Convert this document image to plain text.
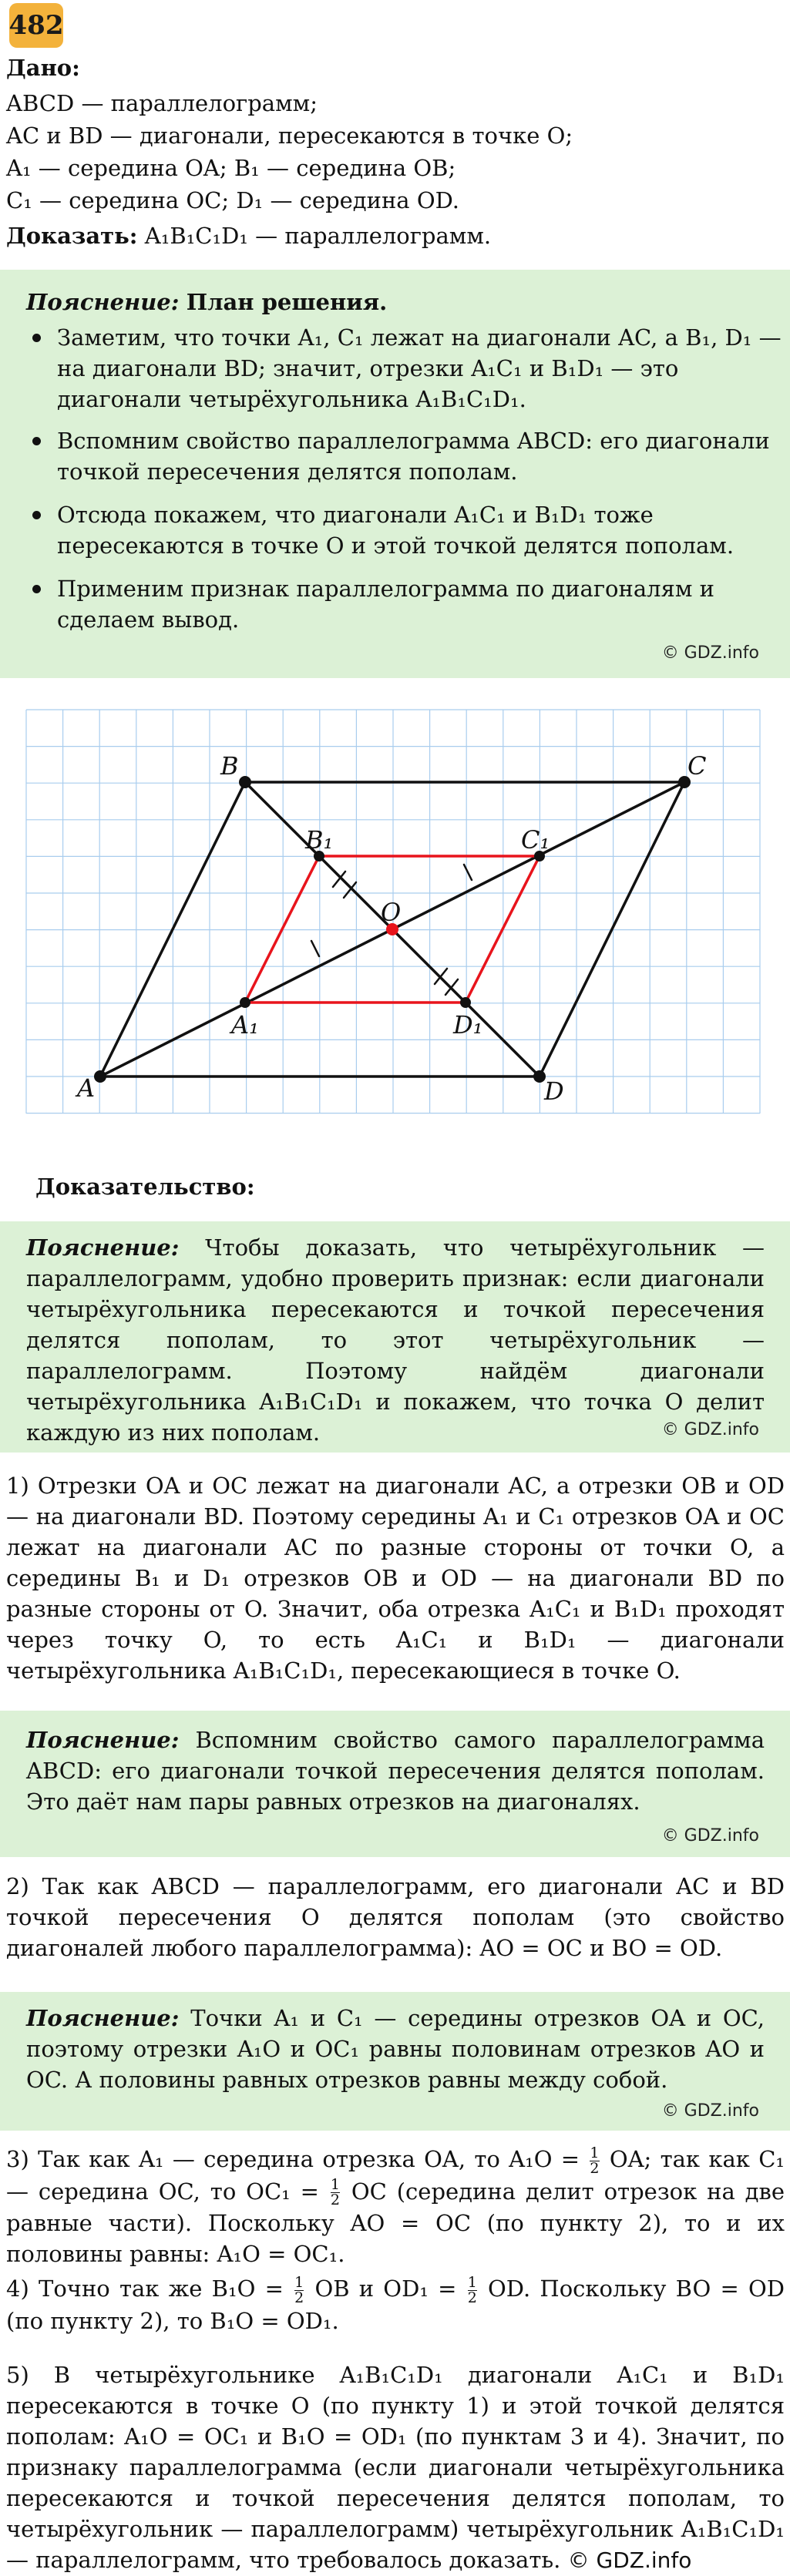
482
Дано:
ABCD — параллелограмм;
AC и BD — диагонали, пересекаются в точке O;
A₁ — середина OA; B₁ — середина OB;
C₁ — середина OC; D₁ — середина OD.
Доказать: A₁B₁C₁D₁ — параллелограмм.
Пояснение: План решения.
Заметим, что точки A₁, C₁ лежат на диагонали AC, а B₁, D₁ — на диагонали BD; значит, отрезки A₁C₁ и B₁D₁ — это диагонали четырёхугольника A₁B₁C₁D₁.
Вспомним свойство параллелограмма ABCD: его диагонали точкой пересечения делятся пополам.
Отсюда покажем, что диагонали A₁C₁ и B₁D₁ тоже пересекаются в точке O и этой точкой делятся пополам.
Применим признак параллелограмма по диагоналям и сделаем вывод.
© GDZ.info
A
B	C
D
O
A₁
B₁	C₁
D₁
Доказательство:
Пояснение: Чтобы доказать, что четырёхугольник — параллелограмм, удобно проверить признак: если диагонали четырёхугольника пересекаются и точкой пересечения делятся пополам, то этот четырёхугольник — параллелограмм. Поэтому найдём диагонали четырёхугольника A₁B₁C₁D₁ и покажем, что точка O делит каждую из них пополам.	© GDZ.info
1) Отрезки OA и OC лежат на диагонали AC, а отрезки OB и OD — на диагонали BD. Поэтому середины A₁ и C₁ отрезков OA и OC лежат на диагонали AC по разные стороны от точки O, а середины B₁ и D₁ отрезков OB и OD — на диагонали BD по разные стороны от O. Значит, оба отрезка A₁C₁ и B₁D₁ проходят через точку O, то есть A₁C₁ и B₁D₁ — диагонали четырёхугольника A₁B₁C₁D₁, пересекающиеся в точке O.
Пояснение: Вспомним свойство самого параллелограмма ABCD: его диагонали точкой пересечения делятся пополам. Это даёт нам пары равных отрезков на диагоналях.
© GDZ.info
2) Так как ABCD — параллелограмм, его диагонали AC и BD точкой пересечения O делятся пополам (это свойство диагоналей любого параллелограмма): AO = OC и BO = OD.
Пояснение: Точки A₁ и C₁ — середины отрезков OA и OC, поэтому отрезки A₁O и OC₁ равны половинам отрезков AO и OC. А половины равных отрезков равны между собой.
© GDZ.info
3) Так как A₁ — середина отрезка OA, то $A_1O = \frac{1}{2}$ OA; так как C₁ — середина OC, то $OC_1 = \frac{1}{2}$ OC (середина делит отрезок на две равные части). Поскольку AO = OC (по пункту 2), то и их половины равны: A₁O = OC₁.
4) Точно так же $B_1O = \frac{1}{2}$ OB и $OD_1 = \frac{1}{2}$ OD. Поскольку BO = OD (по пункту 2), то B₁O = OD₁.
5) В четырёхугольнике A₁B₁C₁D₁ диагонали A₁C₁ и B₁D₁ пересекаются в точке O (по пункту 1) и этой точкой делятся пополам: A₁O = OC₁ и B₁O = OD₁ (по пунктам 3 и 4). Значит, по признаку параллелограмма (если диагонали четырёхугольника пересекаются и точкой пересечения делятся пополам, то четырёхугольник — параллелограмм) четырёхугольник A₁B₁C₁D₁ — параллелограмм, что требовалось доказать. © GDZ.info
